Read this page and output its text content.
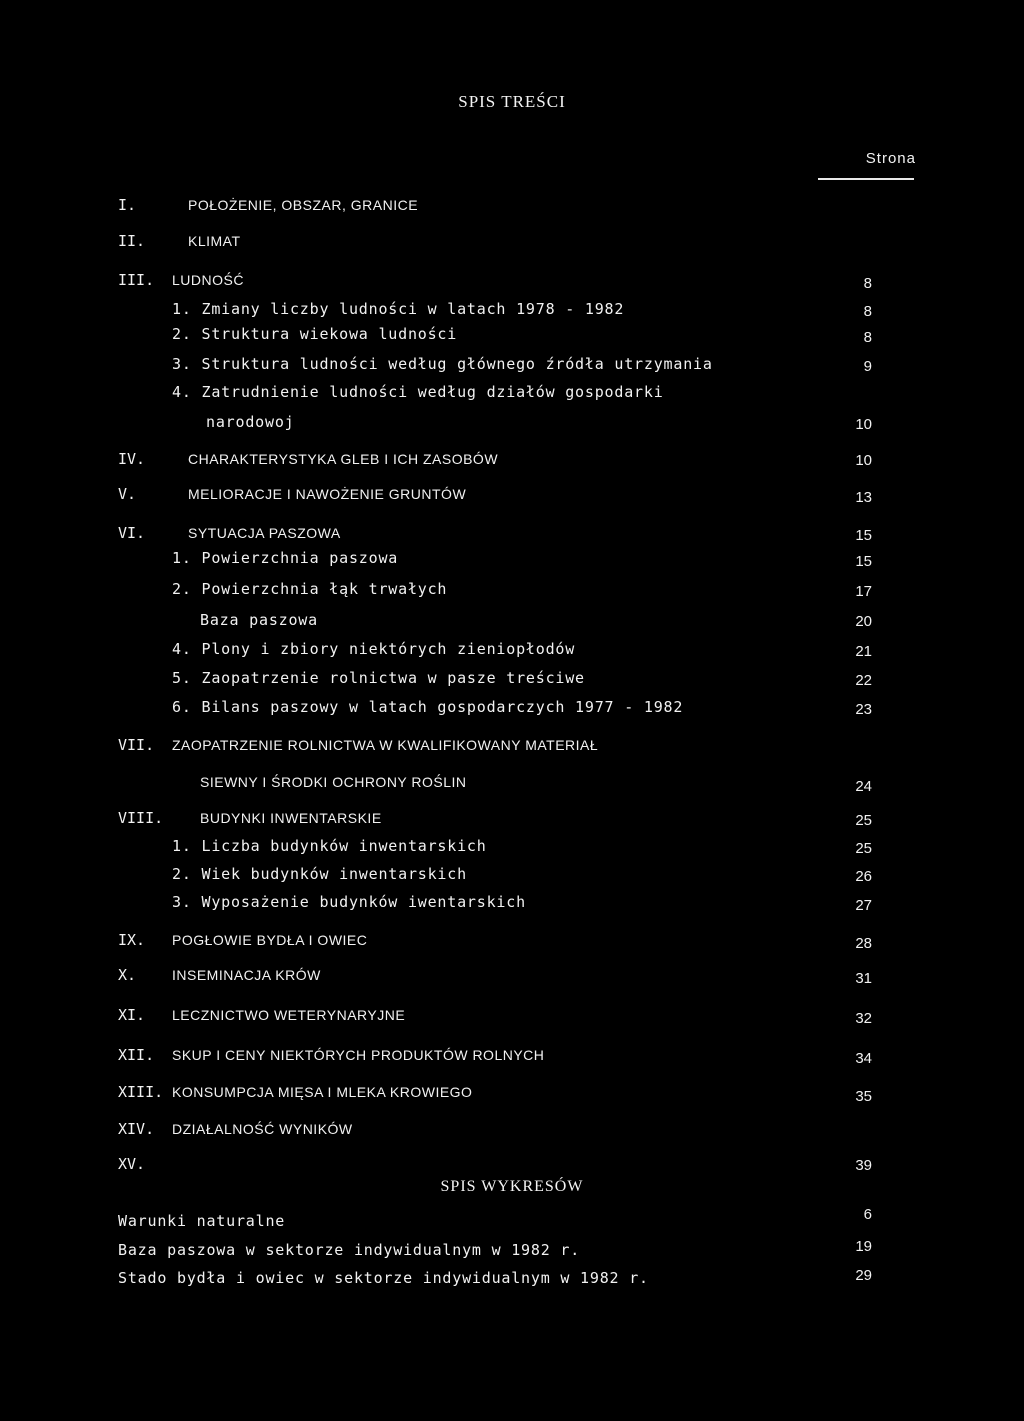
SPIS TREŚCI
Strona
I.	POŁOŻENIE, OBSZAR, GRANICE
II.	KLIMAT
III. LUDNOŚĆ	8
1. Zmiany liczby ludności w latach 1978 - 1982	8
2. Struktura wiekowa ludności	8
3. Struktura ludności według głównego źródła utrzymania	9
4. Zatrudnienie ludności według działów gospodarki
narodowoj	10
IV.	CHARAKTERYSTYKA GLEB I ICH ZASOBÓW	10
V.	MELIORACJE I NAWOŻENIE GRUNTÓW	13
VI.	SYTUACJA PASZOWA	15
1. Powierzchnia paszowa	15
2. Powierzchnia łąk trwałych	17
Baza paszowa	20
4. Plony i zbiory niektórych zieniopłodów	21
5. Zaopatrzenie rolnictwa w pasze treściwe	22
6. Bilans paszowy w latach gospodarczych 1977 - 1982	23
VII. ZAOPATRZENIE ROLNICTWA W KWALIFIKOWANY MATERIAŁ
SIEWNY I ŚRODKI OCHRONY ROŚLIN	24
VIII.	BUDYNKI INWENTARSKIE	25
1. Liczba budynków inwentarskich	25
2. Wiek budynków inwentarskich	26
3. Wyposażenie budynków iwentarskich	27
IX. POGŁOWIE BYDŁA I OWIEC	28
X.	INSEMINACJA KRÓW	31
XI. LECZNICTWO WETERYNARYJNE	32
XII. SKUP I CENY NIEKTÓRYCH PRODUKTÓW ROLNYCH	34
XIII. KONSUMPCJA MIĘSA I MLEKA KROWIEGO	35
XIV. DZIAŁALNOŚĆ WYNIKÓW
XV.	39
SPIS WYKRESÓW
Warunki naturalne	6
Baza paszowa w sektorze indywidualnym w 1982 r.	19
Stado bydła i owiec w sektorze indywidualnym w 1982 r.	29
